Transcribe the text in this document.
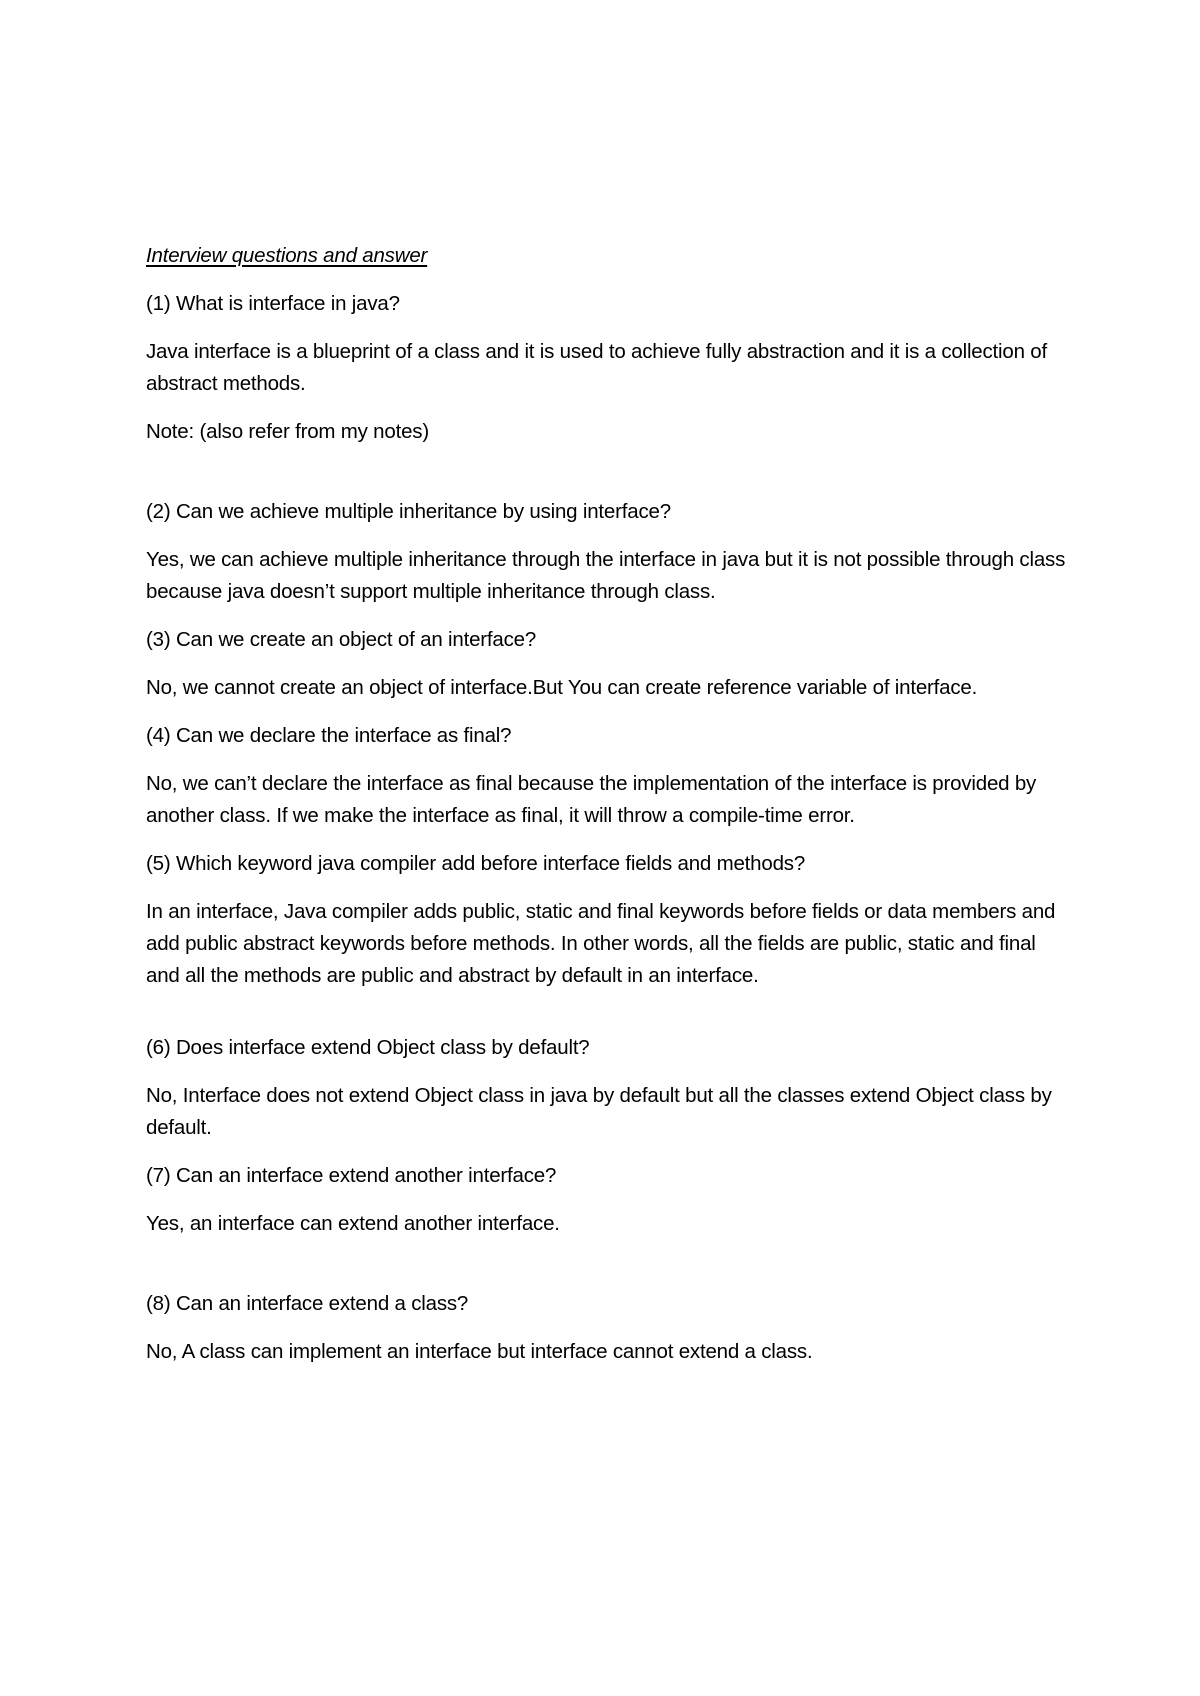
Interview questions and answer

(1) What is interface in java?

Java interface is a blueprint of a class and it is used to achieve fully abstraction and it is a collection of abstract methods.

Note: (also refer from my notes)

(2) Can we achieve multiple inheritance by using interface?

Yes, we can achieve multiple inheritance through the interface in java but it is not possible through class because java doesn’t support multiple inheritance through class.

(3) Can we create an object of an interface?

No, we cannot create an object of interface.But You can create reference variable of interface.

(4) Can we declare the interface as final?

No, we can’t declare the interface as final because the implementation of the interface is provided by another class. If we make the interface as final, it will throw a compile-time error.

(5) Which keyword java compiler add before interface fields and methods?

In an interface, Java compiler adds public, static and final keywords before fields or data members and add public abstract keywords before methods. In other words, all the fields are public, static and final and all the methods are public and abstract by default in an interface.

(6) Does interface extend Object class by default?

No, Interface does not extend Object class in java by default but all the classes extend Object class by default.

(7) Can an interface extend another interface?

Yes, an interface can extend another interface.

(8) Can an interface extend a class?

No, A class can implement an interface but interface cannot extend a class.
